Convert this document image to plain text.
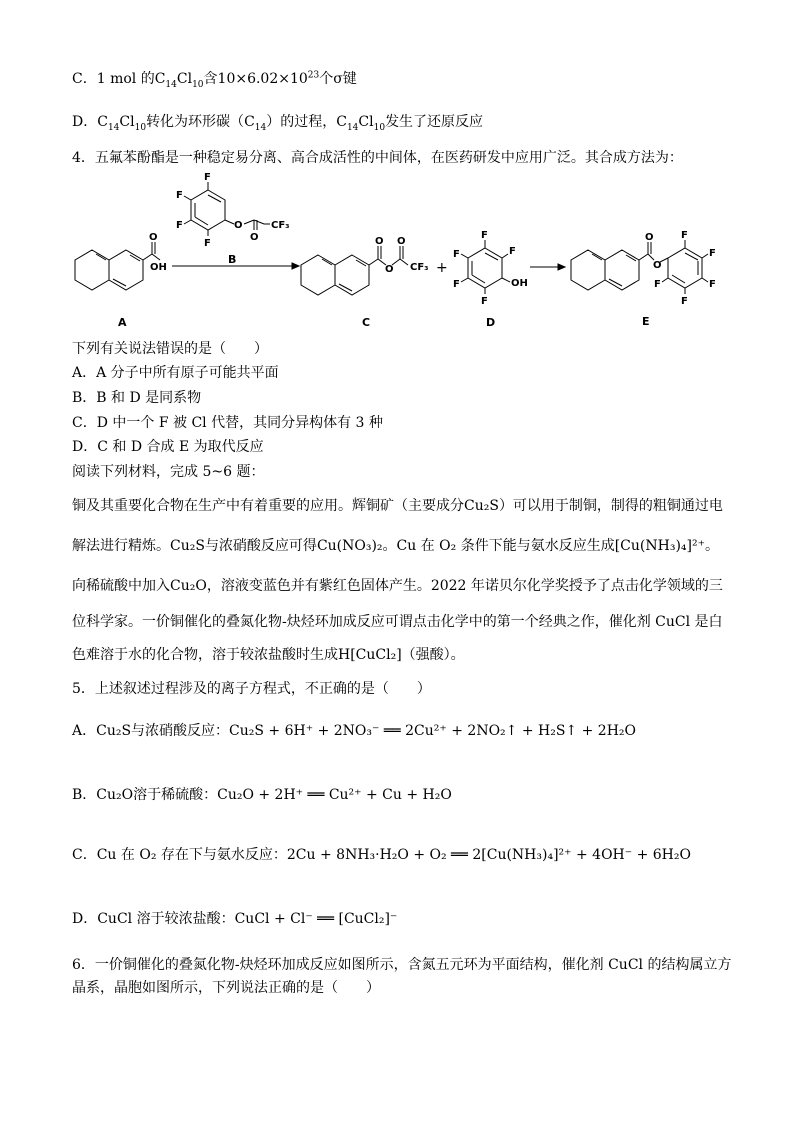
C．1 mol 的$C_{14}Cl_{10}$含$10\times 6.02\times 10^{23}$个σ键
D．$C_{14}Cl_{10}$转化为环形碳$(C_{14})$的过程，$C_{14}Cl_{10}$发生了还原反应
4．五氟苯酚酯是一种稳定易分离、高合成活性的中间体，在医药研发中应用广泛。其合成方法为：
F
F
F
F
O
O
CF₃
O
OH
O
O
O
CF₃ +
F
F
F
F
F
OH
O
O
F
F
F	F
F
B
A	C	D	E
下列有关说法错误的是（　　）
A．A 分子中所有原子可能共平面
B．B 和 D 是同系物
C．D 中一个 F 被 Cl 代替，其同分异构体有 3 种
D．C 和 D 合成 E 为取代反应
阅读下列材料，完成 5~6 题：
铜及其重要化合物在生产中有着重要的应用。辉铜矿（主要成分Cu₂S）可以用于制铜，制得的粗铜通过电
解法进行精炼。Cu₂S与浓硝酸反应可得Cu(NO₃)₂。Cu 在 O₂ 条件下能与氨水反应生成[Cu(NH₃)₄]²⁺。
向稀硫酸中加入Cu₂O，溶液变蓝色并有紫红色固体产生。2022 年诺贝尔化学奖授予了点击化学领域的三
位科学家。一价铜催化的叠氮化物-炔烃环加成反应可谓点击化学中的第一个经典之作，催化剂 CuCl 是白
色难溶于水的化合物，溶于较浓盐酸时生成H[CuCl₂]（强酸）。
5．上述叙述过程涉及的离子方程式，不正确的是（　　）
A．Cu₂S与浓硝酸反应：Cu₂S + 6H⁺ + 2NO₃⁻ ══ 2Cu²⁺ + 2NO₂↑ + H₂S↑ + 2H₂O
B．Cu₂O溶于稀硫酸：Cu₂O + 2H⁺ ══ Cu²⁺ + Cu + H₂O
C．Cu 在 O₂ 存在下与氨水反应：2Cu + 8NH₃·H₂O + O₂ ══ 2[Cu(NH₃)₄]²⁺ + 4OH⁻ + 6H₂O
D．CuCl 溶于较浓盐酸：CuCl + Cl⁻ ══ [CuCl₂]⁻
6．一价铜催化的叠氮化物-炔烃环加成反应如图所示，含氮五元环为平面结构，催化剂 CuCl 的结构属立方
晶系，晶胞如图所示，下列说法正确的是（　　）
